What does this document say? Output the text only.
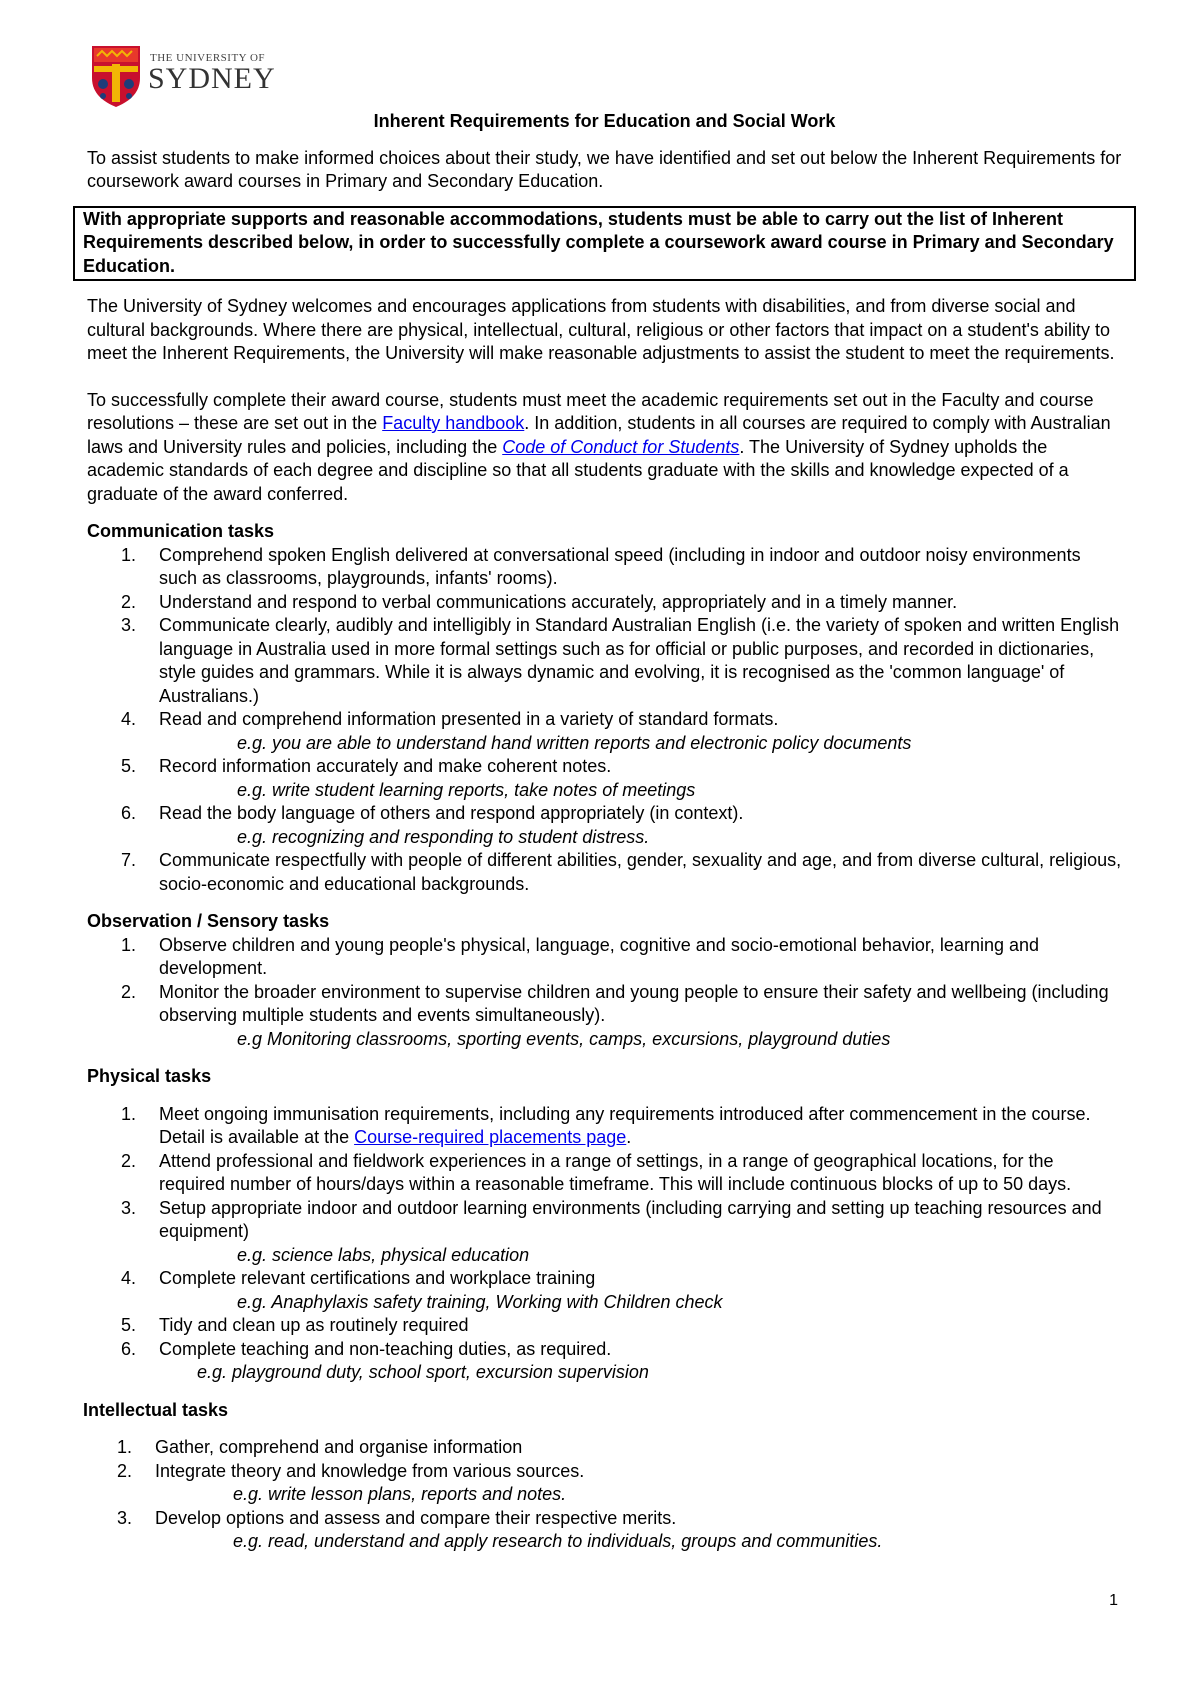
THE UNIVERSITY OF
SYDNEY

Inherent Requirements for Education and Social Work

To assist students to make informed choices about their study, we have identified and set out below the Inherent Requirements for coursework award courses in Primary and Secondary Education.

With appropriate supports and reasonable accommodations, students must be able to carry out the list of Inherent Requirements described below, in order to successfully complete a coursework award course in Primary and Secondary Education.

The University of Sydney welcomes and encourages applications from students with disabilities, and from diverse social and cultural backgrounds. Where there are physical, intellectual, cultural, religious or other factors that impact on a student's ability to meet the Inherent Requirements, the University will make reasonable adjustments to assist the student to meet the requirements.

To successfully complete their award course, students must meet the academic requirements set out in the Faculty and course resolutions – these are set out in the Faculty handbook. In addition, students in all courses are required to comply with Australian laws and University rules and policies, including the Code of Conduct for Students. The University of Sydney upholds the academic standards of each degree and discipline so that all students graduate with the skills and knowledge expected of a graduate of the award conferred.

Communication tasks
1. Comprehend spoken English delivered at conversational speed (including in indoor and outdoor noisy environments such as classrooms, playgrounds, infants' rooms).
2. Understand and respond to verbal communications accurately, appropriately and in a timely manner.
3. Communicate clearly, audibly and intelligibly in Standard Australian English (i.e. the variety of spoken and written English language in Australia used in more formal settings such as for official or public purposes, and recorded in dictionaries, style guides and grammars. While it is always dynamic and evolving, it is recognised as the 'common language' of Australians.)
4. Read and comprehend information presented in a variety of standard formats.
e.g. you are able to understand hand written reports and electronic policy documents
5. Record information accurately and make coherent notes.
e.g. write student learning reports, take notes of meetings
6. Read the body language of others and respond appropriately (in context).
e.g. recognizing and responding to student distress.
7. Communicate respectfully with people of different abilities, gender, sexuality and age, and from diverse cultural, religious, socio-economic and educational backgrounds.
Observation / Sensory tasks
1. Observe children and young people's physical, language, cognitive and socio-emotional behavior, learning and development.
2. Monitor the broader environment to supervise children and young people to ensure their safety and wellbeing (including observing multiple students and events simultaneously).
e.g Monitoring classrooms, sporting events, camps, excursions, playground duties
Physical tasks
1. Meet ongoing immunisation requirements, including any requirements introduced after commencement in the course. Detail is available at the Course-required placements page.
2. Attend professional and fieldwork experiences in a range of settings, in a range of geographical locations, for the required number of hours/days within a reasonable timeframe. This will include continuous blocks of up to 50 days.
3. Setup appropriate indoor and outdoor learning environments (including carrying and setting up teaching resources and equipment)
e.g. science labs, physical education
4. Complete relevant certifications and workplace training
e.g. Anaphylaxis safety training, Working with Children check
5. Tidy and clean up as routinely required
6. Complete teaching and non-teaching duties, as required.
e.g. playground duty, school sport, excursion supervision
Intellectual tasks
1. Gather, comprehend and organise information
2. Integrate theory and knowledge from various sources.
e.g. write lesson plans, reports and notes.
3. Develop options and assess and compare their respective merits.
e.g. read, understand and apply research to individuals, groups and communities.
1
